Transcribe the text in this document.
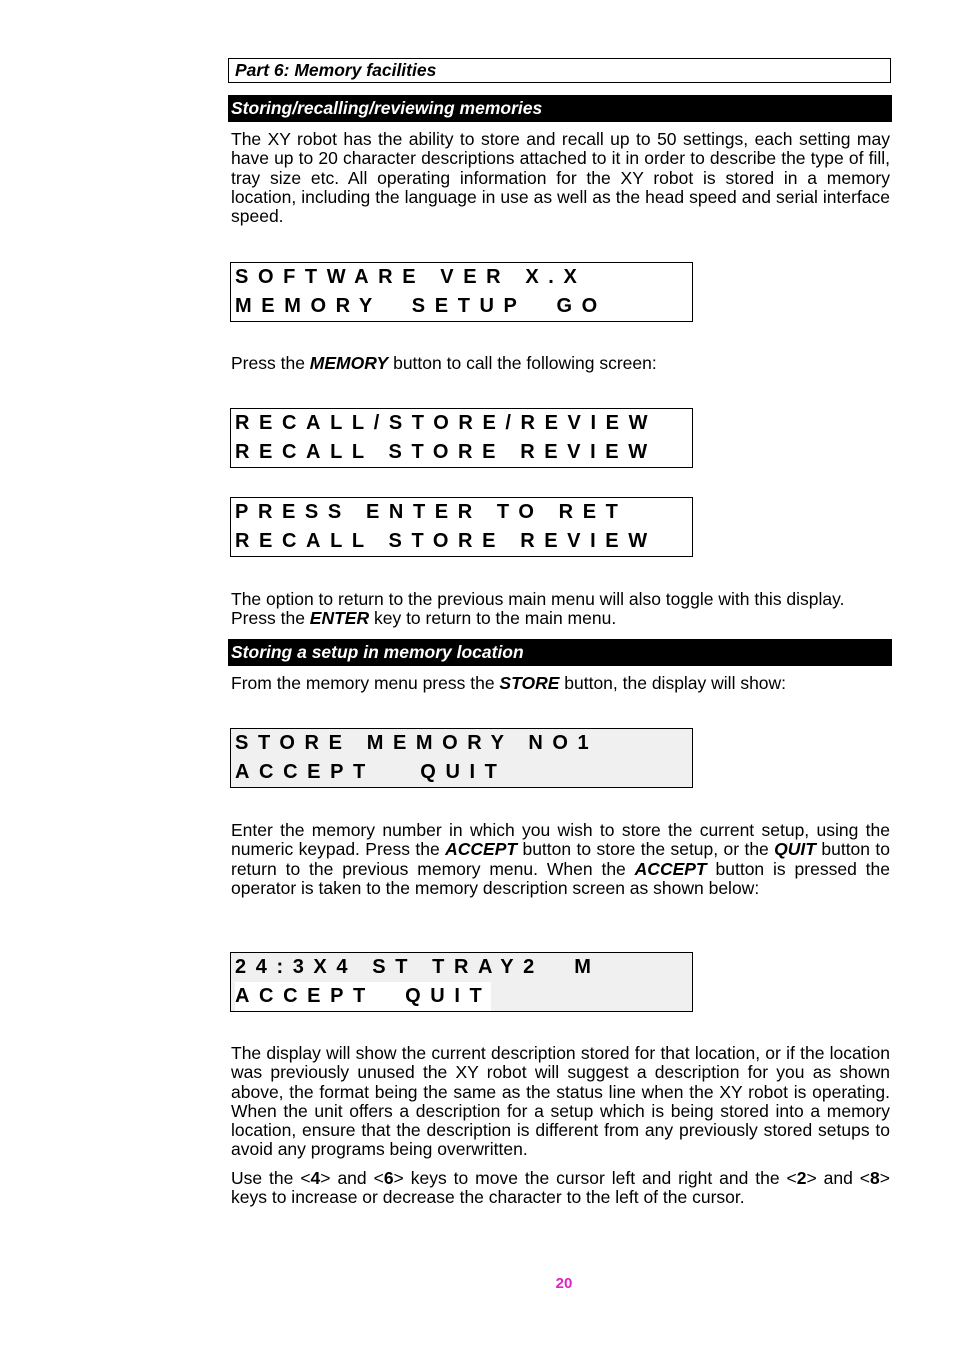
Part 6: Memory facilities
Storing/recalling/reviewing memories

The XY robot has the ability to store and recall up to 50 settings, each setting may have up to 20 character descriptions attached to it in order to describe the type of fill, tray size etc. All operating information for the XY robot is stored in a memory location, including the language in use as well as the head speed and serial interface speed.

SOFTWARE VER X.X
MEMORY  SETUP  GO

Press the MEMORY button to call the following screen:

RECALL/STORE/REVIEW
RECALL STORE REVIEW
PRESS ENTER TO RET
RECALL STORE REVIEW

The option to return to the previous main menu will also toggle with this display. Press the ENTER key to return to the main menu.

Storing a setup in memory location

From the memory menu press the STORE button, the display will show:

STORE MEMORY NO1
ACCEPT   QUIT

Enter the memory number in which you wish to store the current setup, using the numeric keypad. Press the ACCEPT button to store the setup, or the QUIT button to return to the previous memory menu. When the ACCEPT button is pressed the operator is taken to the memory description screen as shown below:

24:3X4 ST TRAY2  M
ACCEPT  QUIT

The display will show the current description stored for that location, or if the location was previously unused the XY robot will suggest a description for you as shown above, the format being the same as the status line when the XY robot is operating. When the unit offers a description for a setup which is being stored into a memory location, ensure that the description is different from any previously stored setups to avoid any programs being overwritten.

Use the <4> and <6> keys to move the cursor left and right and the <2> and <8> keys to increase or decrease the character to the left of the cursor.

20
